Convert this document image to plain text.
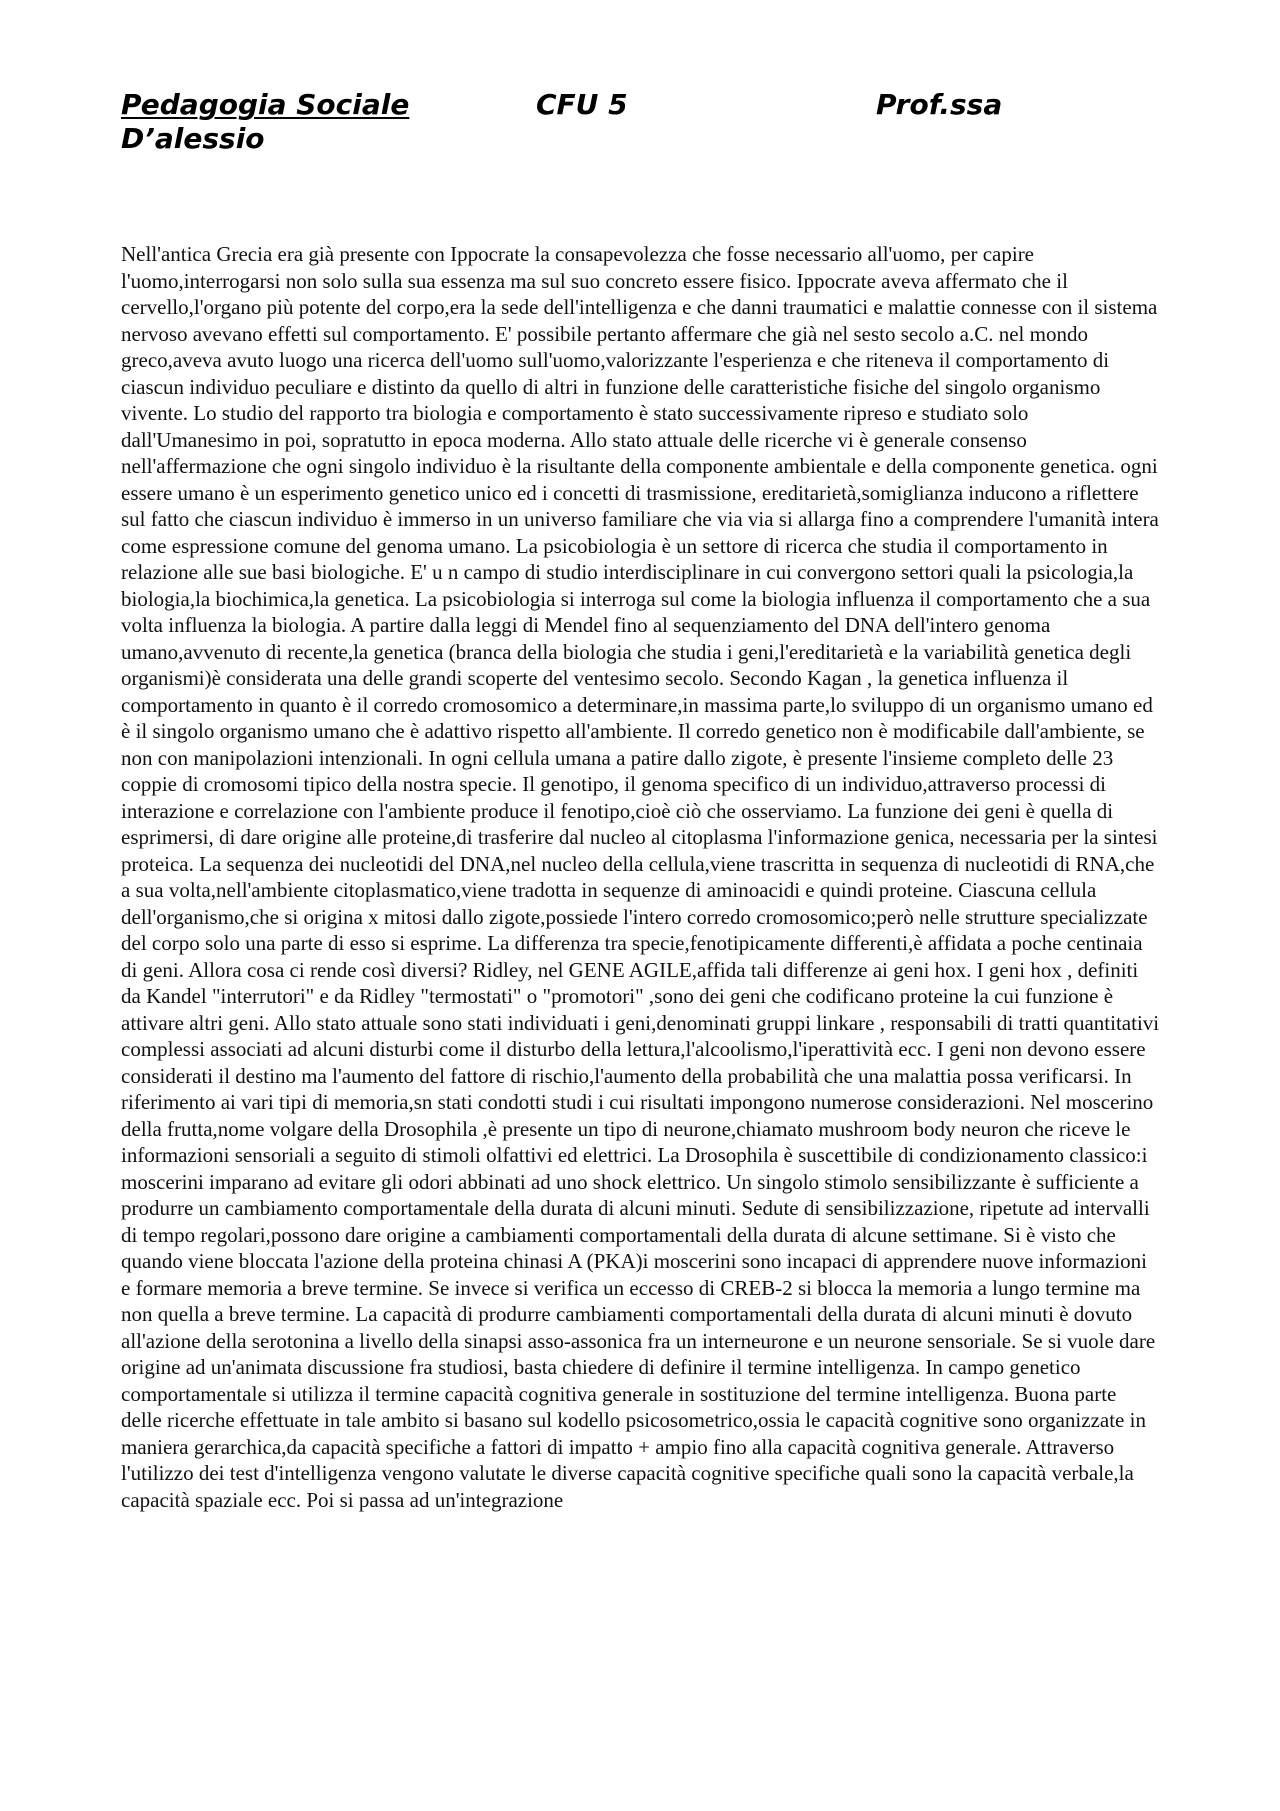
Pedagogia Sociale	CFU 5	Prof.ssa
D’alessio

Nell'antica Grecia era già presente con Ippocrate la consapevolezza che fosse necessario all'uomo, per capire l'uomo,interrogarsi non solo sulla sua essenza ma sul suo concreto essere fisico. Ippocrate aveva affermato che il cervello,l'organo più potente del corpo,era la sede dell'intelligenza e che danni traumatici e malattie connesse con il sistema nervoso avevano effetti sul comportamento. E' possibile pertanto affermare che già nel sesto secolo a.C. nel mondo greco,aveva avuto luogo una ricerca dell'uomo sull'uomo,valorizzante l'esperienza e che riteneva il comportamento di ciascun individuo peculiare e distinto da quello di altri in funzione delle caratteristiche fisiche del singolo organismo vivente. Lo studio del rapporto tra biologia e comportamento è stato successivamente ripreso e studiato solo dall'Umanesimo in poi, sopratutto in epoca moderna. Allo stato attuale delle ricerche vi è generale consenso nell'affermazione che ogni singolo individuo è la risultante della componente ambientale e della componente genetica. ogni essere umano è un esperimento genetico unico ed i concetti di trasmissione, ereditarietà,somiglianza inducono a riflettere sul fatto che ciascun individuo è immerso in un universo familiare che via via si allarga fino a comprendere l'umanità intera come espressione comune del genoma umano. La psicobiologia è un settore di ricerca che studia il comportamento in relazione alle sue basi biologiche. E' u n campo di studio interdisciplinare in cui convergono settori quali la psicologia,la biologia,la biochimica,la genetica. La psicobiologia si interroga sul come la biologia influenza il comportamento che a sua volta influenza la biologia. A partire dalla leggi di Mendel fino al sequenziamento del DNA dell'intero genoma umano,avvenuto di recente,la genetica (branca della biologia che studia i geni,l'ereditarietà e la variabilità genetica degli organismi)è considerata una delle grandi scoperte del ventesimo secolo. Secondo Kagan , la genetica influenza il comportamento in quanto è il corredo cromosomico a determinare,in massima parte,lo sviluppo di un organismo umano ed è il singolo organismo umano che è adattivo rispetto all'ambiente. Il corredo genetico non è modificabile dall'ambiente, se non con manipolazioni intenzionali. In ogni cellula umana a patire dallo zigote, è presente l'insieme completo delle 23 coppie di cromosomi tipico della nostra specie. Il genotipo, il genoma specifico di un individuo,attraverso processi di interazione e correlazione con l'ambiente produce il fenotipo,cioè ciò che osserviamo. La funzione dei geni è quella di esprimersi, di dare origine alle proteine,di trasferire dal nucleo al citoplasma l'informazione genica, necessaria per la sintesi proteica. La sequenza dei nucleotidi del DNA,nel nucleo della cellula,viene trascritta in sequenza di nucleotidi di RNA,che a sua volta,nell'ambiente citoplasmatico,viene tradotta in sequenze di aminoacidi e quindi proteine. Ciascuna cellula dell'organismo,che si origina x mitosi dallo zigote,possiede l'intero corredo cromosomico;però nelle strutture specializzate del corpo solo una parte di esso si esprime. La differenza tra specie,fenotipicamente differenti,è affidata a poche centinaia di geni. Allora cosa ci rende così diversi? Ridley, nel GENE AGILE,affida tali differenze ai geni hox. I geni hox , definiti da Kandel "interrutori" e da Ridley "termostati" o "promotori" ,sono dei geni che codificano proteine la cui funzione è attivare altri geni. Allo stato attuale sono stati individuati i geni,denominati gruppi linkare , responsabili di tratti quantitativi complessi associati ad alcuni disturbi come il disturbo della lettura,l'alcoolismo,l'iperattività ecc. I geni non devono essere considerati il destino ma l'aumento del fattore di rischio,l'aumento della probabilità che una malattia possa verificarsi. In riferimento ai vari tipi di memoria,sn stati condotti studi i cui risultati impongono numerose considerazioni. Nel moscerino della frutta,nome volgare della Drosophila ,è presente un tipo di neurone,chiamato mushroom body neuron che riceve le informazioni sensoriali a seguito di stimoli olfattivi ed elettrici. La Drosophila è suscettibile di condizionamento classico:i moscerini imparano ad evitare gli odori abbinati ad uno shock elettrico. Un singolo stimolo sensibilizzante è sufficiente a produrre un cambiamento comportamentale della durata di alcuni minuti. Sedute di sensibilizzazione, ripetute ad intervalli di tempo regolari,possono dare origine a cambiamenti comportamentali della durata di alcune settimane. Si è visto che quando viene bloccata l'azione della proteina chinasi A (PKA)i moscerini sono incapaci di apprendere nuove informazioni e formare memoria a breve termine. Se invece si verifica un eccesso di CREB-2 si blocca la memoria a lungo termine ma non quella a breve termine. La capacità di produrre cambiamenti comportamentali della durata di alcuni minuti è dovuto all'azione della serotonina a livello della sinapsi asso-assonica fra un interneurone e un neurone sensoriale. Se si vuole dare origine ad un'animata discussione fra studiosi, basta chiedere di definire il termine intelligenza. In campo genetico comportamentale si utilizza il termine capacità cognitiva generale in sostituzione del termine intelligenza. Buona parte delle ricerche effettuate in tale ambito si basano sul kodello psicosometrico,ossia le capacità cognitive sono organizzate in maniera gerarchica,da capacità specifiche a fattori di impatto + ampio fino alla capacità cognitiva generale. Attraverso l'utilizzo dei test d'intelligenza vengono valutate le diverse capacità cognitive specifiche quali sono la capacità verbale,la capacità spaziale ecc. Poi si passa ad un'integrazione
